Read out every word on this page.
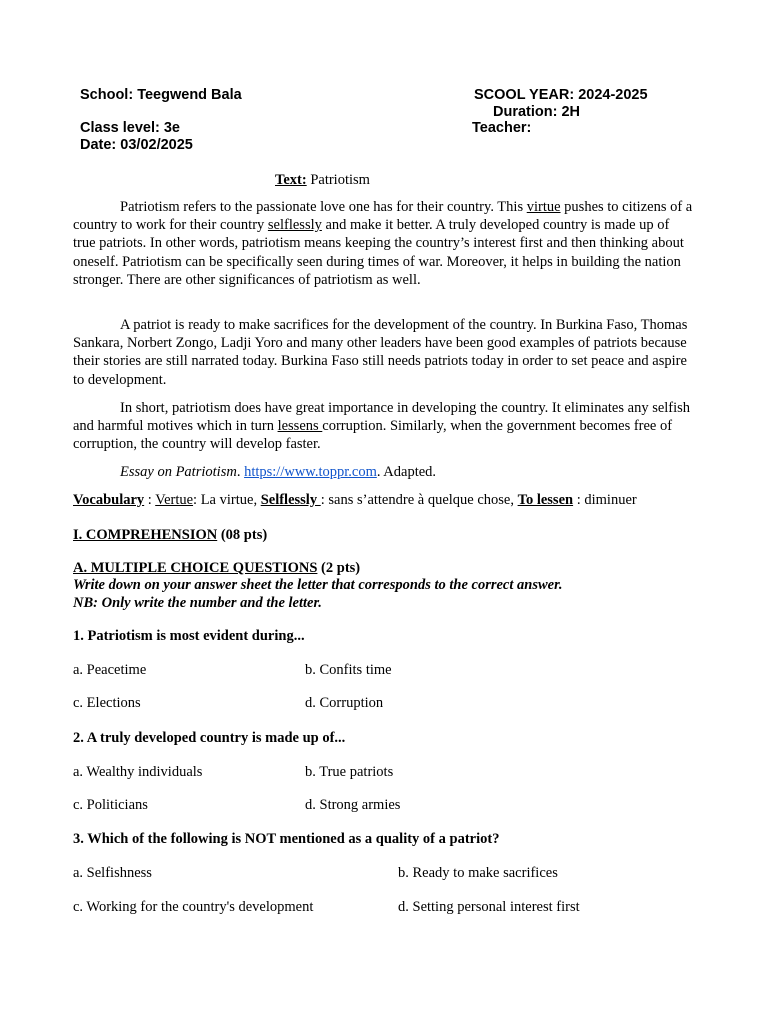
School: Teegwend Bala	SCOOL YEAR: 2024-2025
Duration: 2H
Class level: 3e	Teacher:
Date: 03/02/2025
Text: Patriotism
Patriotism refers to the passionate love one has for their country. This virtue pushes to citizens of a country to work for their country selflessly and make it better. A truly developed country is made up of true patriots. In other words, patriotism means keeping the country’s interest first and then thinking about oneself. Patriotism can be specifically seen during times of war. Moreover, it helps in building the nation stronger. There are other significances of patriotism as well.
A patriot is ready to make sacrifices for the development of the country. In Burkina Faso, Thomas Sankara, Norbert Zongo, Ladji Yoro and many other leaders have been good examples of patriots because their stories are still narrated today. Burkina Faso still needs patriots today in order to set peace and aspire to development.
In short, patriotism does have great importance in developing the country. It eliminates any selfish and harmful motives which in turn lessens corruption. Similarly, when the government becomes free of corruption, the country will develop faster.
Essay on Patriotism. https://www.toppr.com. Adapted.
Vocabulary : Vertue: La virtue, Selflessly : sans s’attendre à quelque chose, To lessen : diminuer
I. COMPREHENSION (08 pts)
A. MULTIPLE CHOICE QUESTIONS (2 pts)
Write down on your answer sheet the letter that corresponds to the correct answer.
NB: Only write the number and the letter.
1. Patriotism is most evident during...
a. Peacetime	b. Confits time
c. Elections	d. Corruption
2. A truly developed country is made up of...
a. Wealthy individuals	b. True patriots
c. Politicians	d. Strong armies
3. Which of the following is NOT mentioned as a quality of a patriot?
a. Selfishness	b. Ready to make sacrifices
c. Working for the country's development	d. Setting personal interest first
